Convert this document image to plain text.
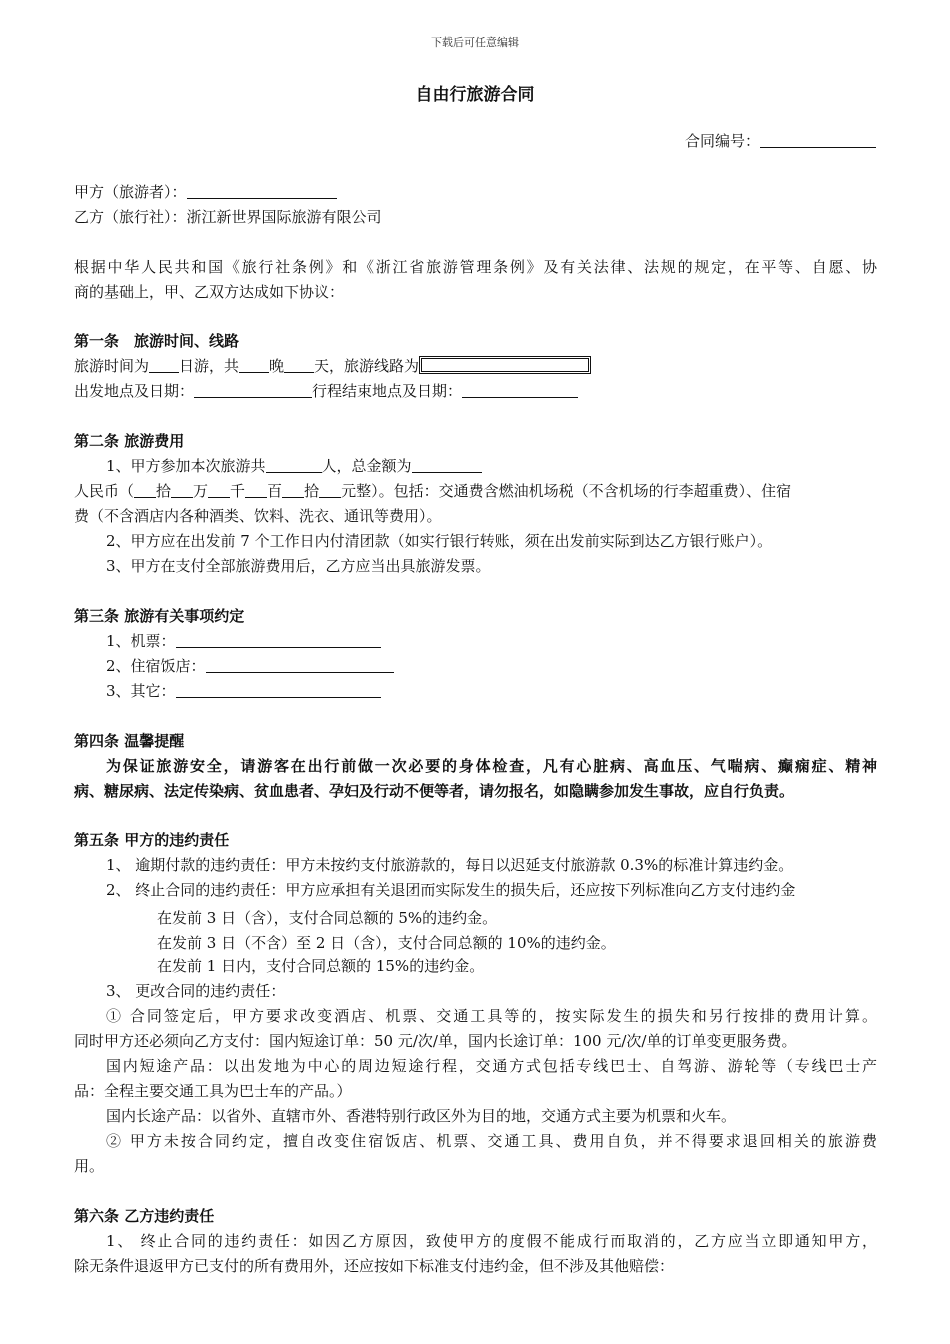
下载后可任意编辑
自由行旅游合同
合同编号：
甲方（旅游者）：
乙方（旅行社）：浙江新世界国际旅游有限公司
根据中华人民共和国《旅行社条例》和《浙江省旅游管理条例》及有关法律、法规的规定，在平等、自愿、协
商的基础上，甲、乙双方达成如下协议：
第一条　旅游时间、线路
旅游时间为 日游，共 晚 天，旅游线路为
出发地点及日期：	行程结束地点及日期：
第二条 旅游费用
1、甲方参加本次旅游共	人，总金额为
人民币（ 拾 万 千 百 拾 元整）。包括：交通费含燃油机场税（不含机场的行李超重费）、住宿
费（不含酒店内各种酒类、饮料、洗衣、通讯等费用）。
2、甲方应在出发前 7 个工作日内付清团款（如实行银行转账，须在出发前实际到达乙方银行账户）。
3、甲方在支付全部旅游费用后，乙方应当出具旅游发票。
第三条 旅游有关事项约定
1、机票：
2、住宿饭店：
3、其它：
第四条 温馨提醒
为保证旅游安全，请游客在出行前做一次必要的身体检查，凡有心脏病、高血压、气喘病、癫痫症、精神
病、糖尿病、法定传染病、贫血患者、孕妇及行动不便等者，请勿报名，如隐瞒参加发生事故，应自行负责。
第五条 甲方的违约责任
1、 逾期付款的违约责任：甲方未按约支付旅游款的，每日以迟延支付旅游款 0.3%的标准计算违约金。
2、 终止合同的违约责任：甲方应承担有关退团而实际发生的损失后，还应按下列标准向乙方支付违约金
在发前 3 日（含），支付合同总额的 5%的违约金。
在发前 3 日（不含）至 2 日（含），支付合同总额的 10%的违约金。
在发前 1 日内，支付合同总额的 15%的违约金。
3、 更改合同的违约责任：
① 合同签定后，甲方要求改变酒店、机票、交通工具等的，按实际发生的损失和另行按排的费用计算。
同时甲方还必须向乙方支付：国内短途订单：50 元/次/单，国内长途订单：100 元/次/单的订单变更服务费。
国内短途产品：以出发地为中心的周边短途行程，交通方式包括专线巴士、自驾游、游轮等（专线巴士产
品：全程主要交通工具为巴士车的产品。）
国内长途产品：以省外、直辖市外、香港特别行政区外为目的地，交通方式主要为机票和火车。
② 甲方未按合同约定，擅自改变住宿饭店、机票、交通工具、费用自负，并不得要求退回相关的旅游费
用。
第六条 乙方违约责任
1、 终止合同的违约责任：如因乙方原因，致使甲方的度假不能成行而取消的，乙方应当立即通知甲方，
除无条件退返甲方已支付的所有费用外，还应按如下标准支付违约金，但不涉及其他赔偿：
